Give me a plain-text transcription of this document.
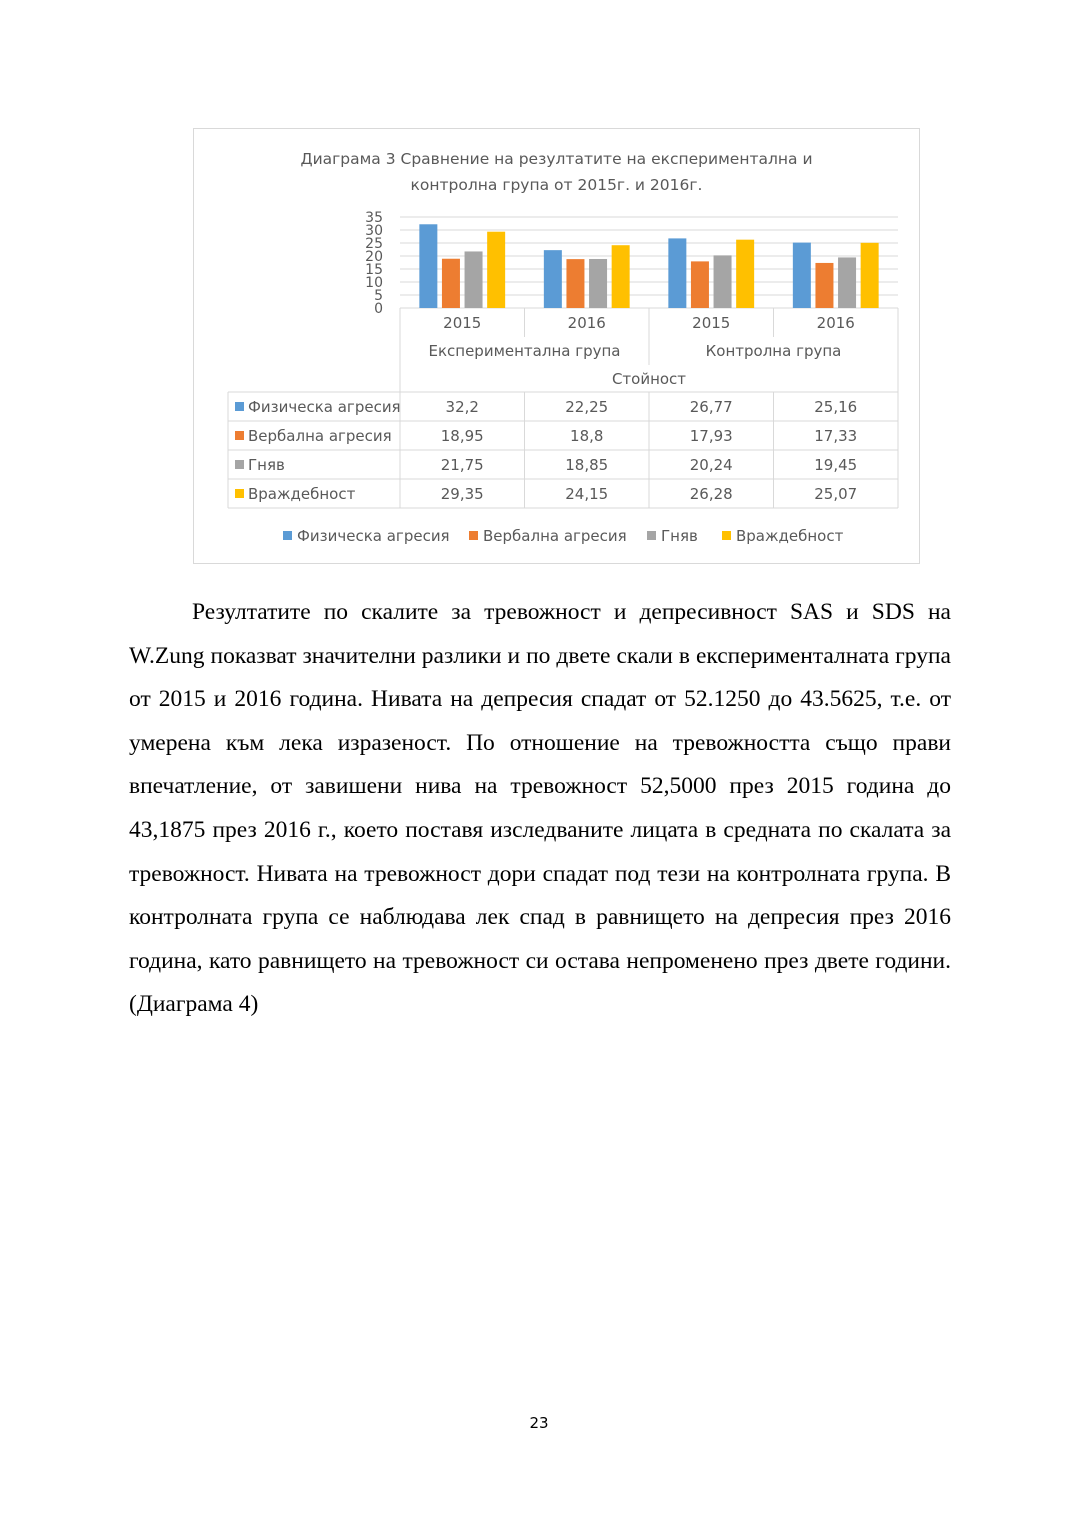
Диаграма 3 Сравнение на резултатите на експериментална и
контролна група от 2015г. и 2016г.
35
30
25
20
15
10
5
0
2015	2016	2015	2016
Експериментална група	Контролна група
Стойност
Физическа агресия	32,2	22,25	26,77	25,16
Вербална агресия	18,95	18,8	17,93	17,33
Гняв	21,75	18,85	20,24	19,45
Враждебност	29,35	24,15	26,28	25,07
Физическа агресия Вербална агресия Гняв	Враждебност

Резултатите по скалите за тревожност и депресивност SAS и SDS на W.Zung показват значителни разлики и по двете скали в експерименталната група от 2015 и 2016 година. Нивата на депресия спадат от 52.1250 до 43.5625, т.е. от умерена към лека изразеност. По отношение на тревожността също прави впечатление, от завишени нива на тревожност 52,5000 през 2015 година до 43,1875 през 2016 г., което поставя изследваните лицата в средната по скалата за тревожност. Нивата на тревожност дори спадат под тези на контролната група. В контролната група се наблюдава лек спад в равнището на депресия през 2016 година, като равнището на тревожност си остава непроменено през двете години. (Диаграма 4)

23
